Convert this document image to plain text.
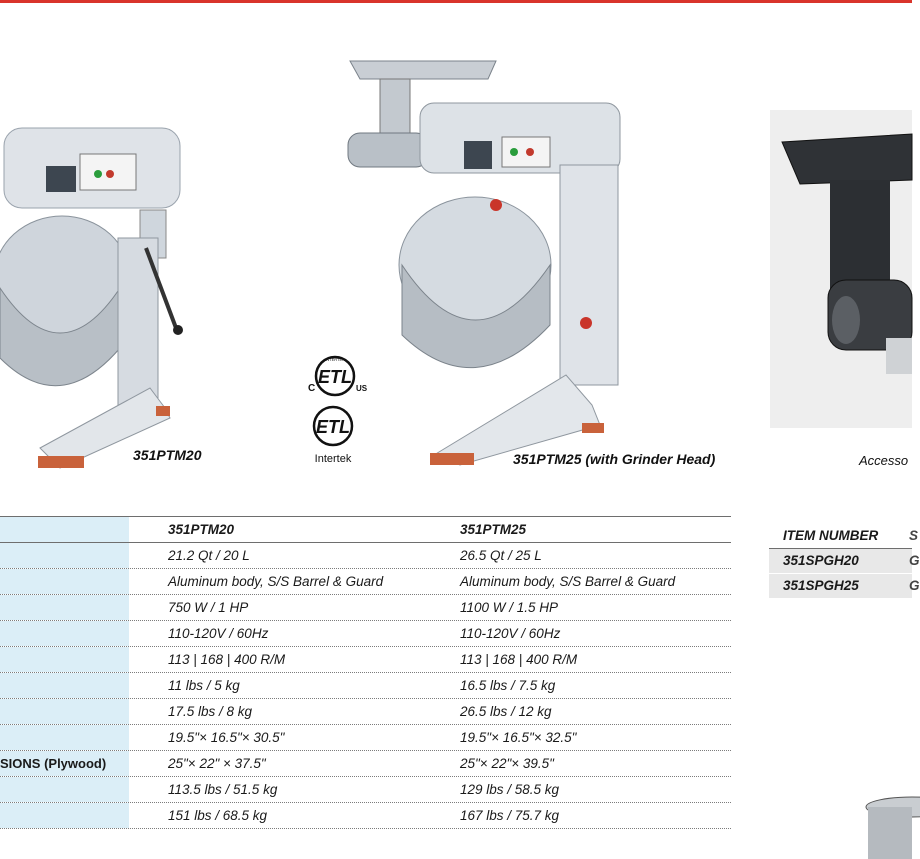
351PTM20	351PTM25 (with Grinder Head)	Accesso
ETL
INTERTEK
C	US
ETL
Intertek
351PTM20	351PTM25
21.2 Qt / 20 L	26.5 Qt / 25 L
Aluminum body, S/S Barrel & Guard	Aluminum body, S/S Barrel & Guard
750 W / 1 HP	1100 W / 1.5 HP
110-120V / 60Hz	110-120V / 60Hz
113 | 168 | 400 R/M	113 | 168 | 400 R/M
11 lbs / 5 kg	16.5 lbs / 7.5 kg
17.5 lbs / 8 kg	26.5 lbs / 12 kg
19.5"× 16.5"× 30.5"	19.5"× 16.5"× 32.5"
SIONS (Plywood)	25"× 22" × 37.5"	25"× 22"× 39.5"
113.5 lbs / 51.5 kg	129 lbs / 58.5 kg
151 lbs / 68.5 kg	167 lbs / 75.7 kg
ITEM NUMBER S
351SPGH20	G
351SPGH25	G
